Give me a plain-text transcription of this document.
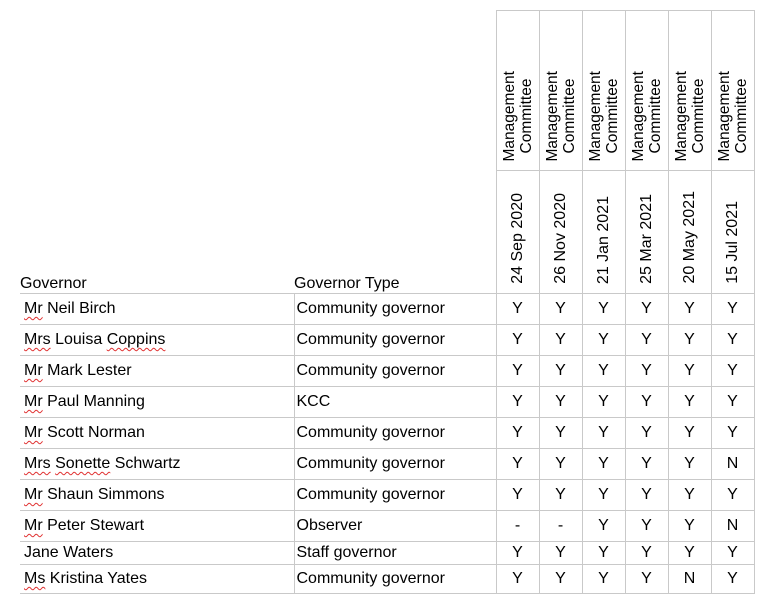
		Management
Committee	Management
Committee	Management
Committee	Management
Committee	Management
Committee	Management
Committee
Governor	Governor Type	24 Sep 2020	26 Nov 2020	21 Jan 2021	25 Mar 2021	20 May 2021	15 Jul 2021
Mr Neil Birch	Community governor	Y	Y	Y	Y	Y	Y
Mrs Louisa Coppins	Community governor	Y	Y	Y	Y	Y	Y
Mr Mark Lester	Community governor	Y	Y	Y	Y	Y	Y
Mr Paul Manning	KCC	Y	Y	Y	Y	Y	Y
Mr Scott Norman	Community governor	Y	Y	Y	Y	Y	Y
Mrs Sonette Schwartz	Community governor	Y	Y	Y	Y	Y	N
Mr Shaun Simmons	Community governor	Y	Y	Y	Y	Y	Y
Mr Peter Stewart	Observer	-	-	Y	Y	Y	N
Jane Waters	Staff governor	Y	Y	Y	Y	Y	Y
Ms Kristina Yates	Community governor	Y	Y	Y	Y	N	Y
